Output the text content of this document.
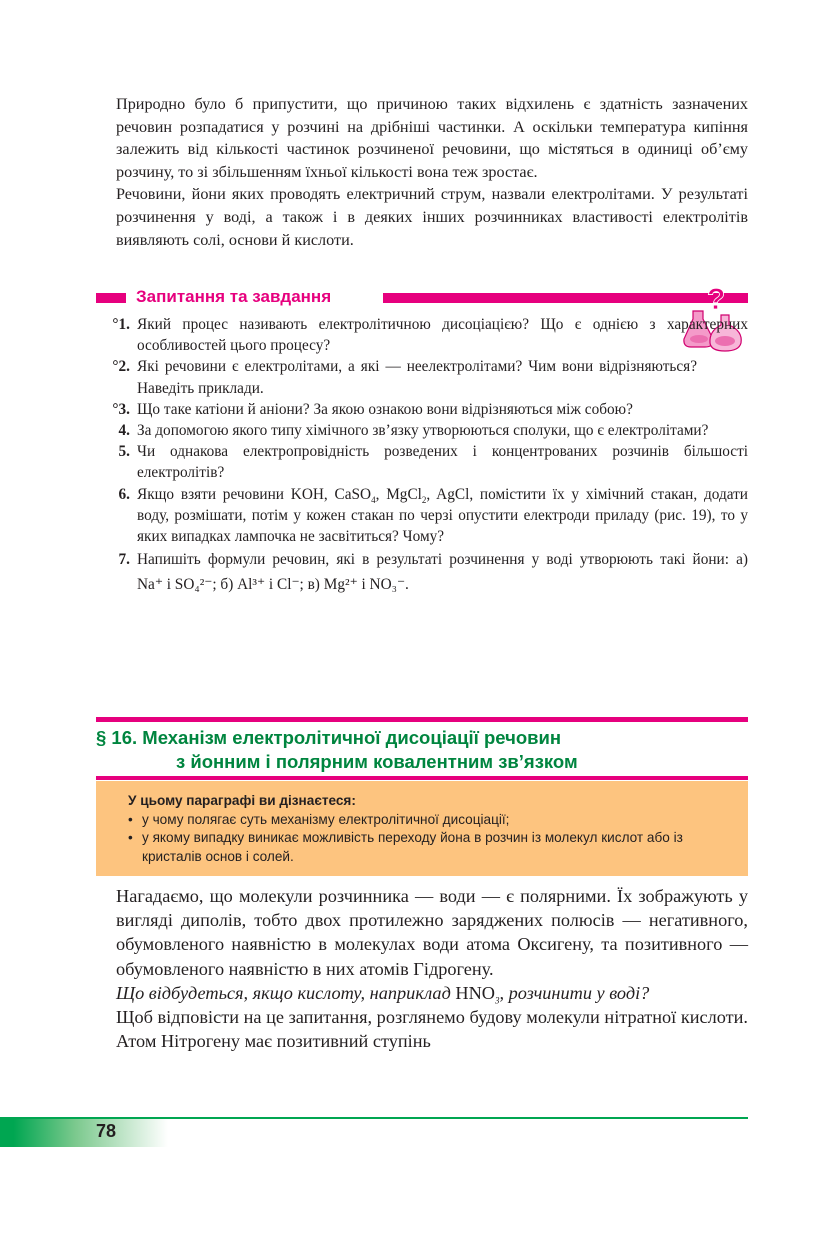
Природно було б припустити, що причиною таких відхилень є здатність зазначених речовин розпадатися у розчині на дрібніші частинки. А оскільки температура кипіння залежить від кількості частинок розчиненої речовини, що містяться в одиниці об’єму розчину, то зі збільшенням їхньої кількості вона теж зростає.

Речовини, йони яких проводять електричний струм, назвали електролітами. У результаті розчинення у воді, а також і в деяких інших розчинниках властивості електролітів виявляють солі, основи й кислоти.

Запитання та завдання	?

°1. Який процес називають електролітичною дисоціацією? Що є однією з характерних особливостей цього процесу?

°2. Які речовини є електролітами, а які — неелектролітами? Чим вони відрізняються? Наведіть приклади.

°3. Що таке катіони й аніони? За якою ознакою вони відрізняються між собою?

4. За допомогою якого типу хімічного зв’язку утворюються сполуки, що є електролітами?

5. Чи однакова електропровідність розведених і концентрованих розчинів більшості електролітів?

6. Якщо взяти речовини KOH, CaSO$_4$, MgCl$_2$, AgCl, помістити їх у хімічний стакан, додати воду, розмішати, потім у кожен стакан по черзі опустити електроди приладу (рис. 19), то у яких випадках лампочка не засвітиться? Чому?

7. Напишіть формули речовин, які в результаті розчинення у воді утворюють такі йони: а) Na⁺ і SO₄²⁻; б) Al³⁺ і Cl⁻; в) Mg²⁺ і NO₃⁻.

§ 16. Механізм електролітичної дисоціації речовин
з йонним і полярним ковалентним зв’язком
У цьому параграфі ви дізнаєтеся:
• у чому полягає суть механізму електролітичної дисоціації;
• у якому випадку виникає можливість переходу йона в розчин із молекул кислот або із кристалів основ і солей.

Нагадаємо, що молекули розчинника — води — є полярними. Їх зображують у вигляді диполів, тобто двох протилежно заряджених полюсів — негативного, обумовленого наявністю в молекулах води атома Оксигену, та позитивного — обумовленого наявністю в них атомів Гідрогену.

Що відбудеться, якщо кислоту, наприклад $HNO_3$, розчинити у воді?

Щоб відповісти на це запитання, розглянемо будову молекули нітратної кислоти. Атом Нітрогену має позитивний ступінь

78
